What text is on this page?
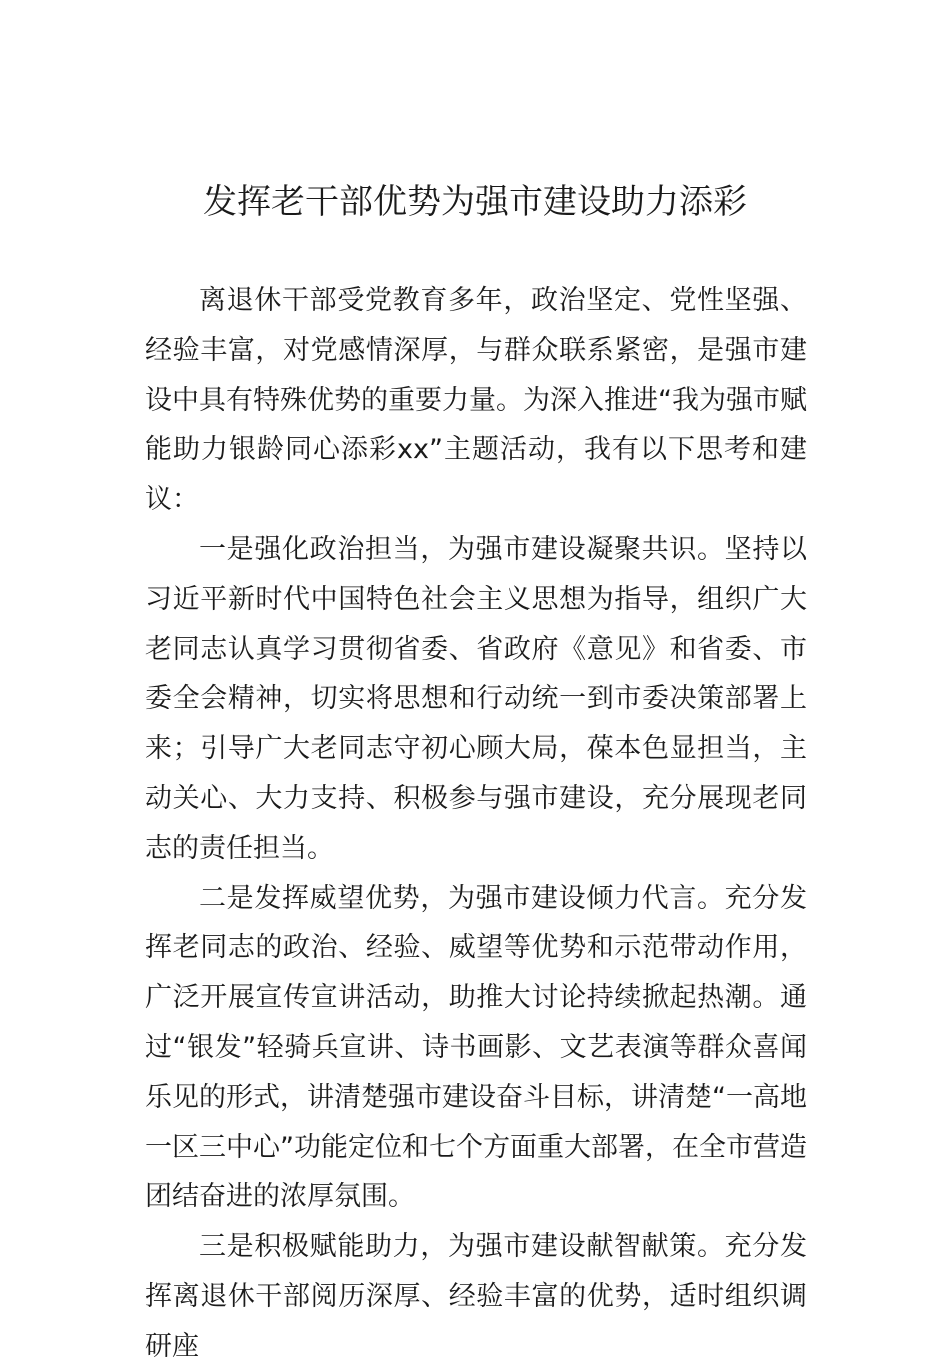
发挥老干部优势为强市建设助力添彩

离退休干部受党教育多年，政治坚定、党性坚强、经验丰富，对党感情深厚，与群众联系紧密，是强市建设中具有特殊优势的重要力量。为深入推进“我为强市赋能助力银龄同心添彩xx”主题活动，我有以下思考和建议：

一是强化政治担当，为强市建设凝聚共识。坚持以习近平新时代中国特色社会主义思想为指导，组织广大老同志认真学习贯彻省委、省政府《意见》和省委、市委全会精神，切实将思想和行动统一到市委决策部署上来；引导广大老同志守初心顾大局，葆本色显担当，主动关心、大力支持、积极参与强市建设，充分展现老同志的责任担当。

二是发挥威望优势，为强市建设倾力代言。充分发挥老同志的政治、经验、威望等优势和示范带动作用，广泛开展宣传宣讲活动，助推大讨论持续掀起热潮。通过“银发”轻骑兵宣讲、诗书画影、文艺表演等群众喜闻乐见的形式，讲清楚强市建设奋斗目标，讲清楚“一高地一区三中心”功能定位和七个方面重大部署，在全市营造团结奋进的浓厚氛围。

三是积极赋能助力，为强市建设献智献策。充分发挥离退休干部阅历深厚、经验丰富的优势，适时组织调研座
